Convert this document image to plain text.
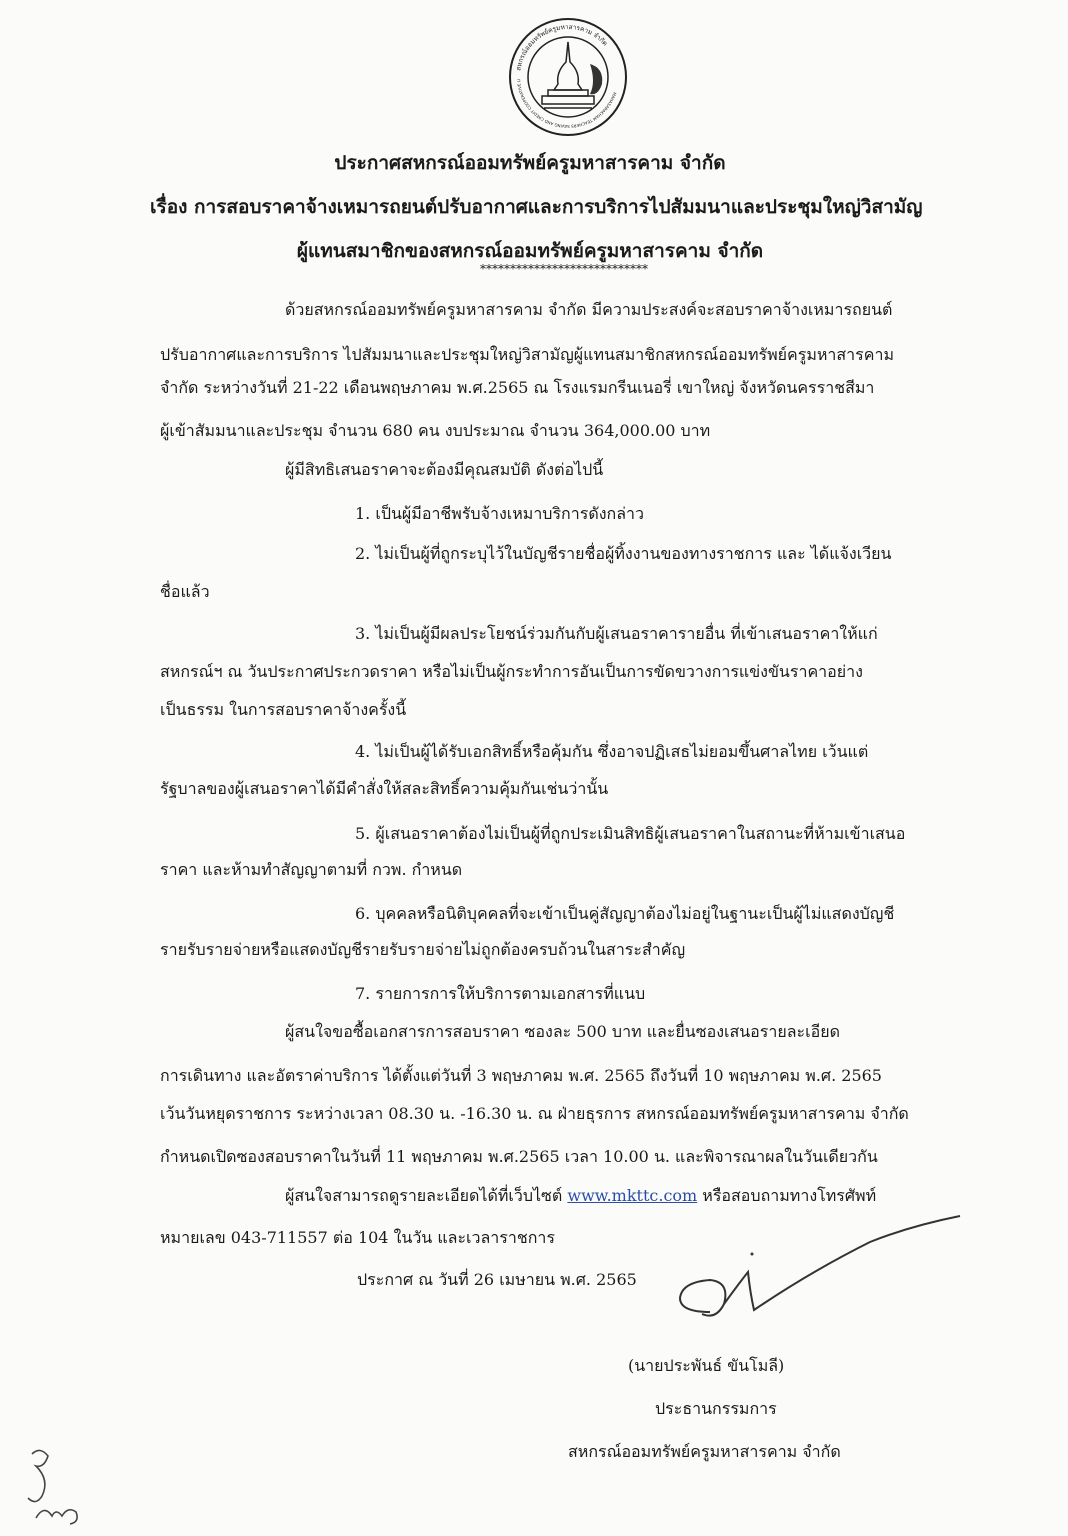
สหกรณ์ออมทรัพย์ครูมหาสารคาม จำกัด
MAHASARAKHAM TEACHERS SAVING AND CREDIT COOPERATIVE LI
ประกาศสหกรณ์ออมทรัพย์ครูมหาสารคาม จำกัด
เรื่อง การสอบราคาจ้างเหมารถยนต์ปรับอากาศและการบริการไปสัมมนาและประชุมใหญ่วิสามัญ
ผู้แทนสมาชิกของสหกรณ์ออมทรัพย์ครูมหาสารคาม จำกัด
****************************
ด้วยสหกรณ์ออมทรัพย์ครูมหาสารคาม จำกัด มีความประสงค์จะสอบราคาจ้างเหมารถยนต์
ปรับอากาศและการบริการ ไปสัมมนาและประชุมใหญ่วิสามัญผู้แทนสมาชิกสหกรณ์ออมทรัพย์ครูมหาสารคาม
จำกัด ระหว่างวันที่ 21-22 เดือนพฤษภาคม พ.ศ.2565 ณ โรงแรมกรีนเนอรี่ เขาใหญ่ จังหวัดนครราชสีมา
ผู้เข้าสัมมนาและประชุม จำนวน 680 คน งบประมาณ จำนวน 364,000.00 บาท
ผู้มีสิทธิเสนอราคาจะต้องมีคุณสมบัติ ดังต่อไปนี้
1. เป็นผู้มีอาชีพรับจ้างเหมาบริการดังกล่าว
2. ไม่เป็นผู้ที่ถูกระบุไว้ในบัญชีรายชื่อผู้ทิ้งงานของทางราชการ และ ได้แจ้งเวียน
ชื่อแล้ว
3. ไม่เป็นผู้มีผลประโยชน์ร่วมกันกับผู้เสนอราคารายอื่น ที่เข้าเสนอราคาให้แก่
สหกรณ์ฯ ณ วันประกาศประกวดราคา หรือไม่เป็นผู้กระทำการอันเป็นการขัดขวางการแข่งขันราคาอย่าง
เป็นธรรม ในการสอบราคาจ้างครั้งนี้
4. ไม่เป็นผู้ได้รับเอกสิทธิ์หรือคุ้มกัน ซึ่งอาจปฏิเสธไม่ยอมขึ้นศาลไทย เว้นแต่
รัฐบาลของผู้เสนอราคาได้มีคำสั่งให้สละสิทธิ์ความคุ้มกันเช่นว่านั้น
5. ผู้เสนอราคาต้องไม่เป็นผู้ที่ถูกประเมินสิทธิผู้เสนอราคาในสถานะที่ห้ามเข้าเสนอ
ราคา และห้ามทำสัญญาตามที่ กวพ. กำหนด
6. บุคคลหรือนิติบุคคลที่จะเข้าเป็นคู่สัญญาต้องไม่อยู่ในฐานะเป็นผู้ไม่แสดงบัญชี
รายรับรายจ่ายหรือแสดงบัญชีรายรับรายจ่ายไม่ถูกต้องครบถ้วนในสาระสำคัญ
7. รายการการให้บริการตามเอกสารที่แนบ
ผู้สนใจขอซื้อเอกสารการสอบราคา ซองละ 500 บาท และยื่นซองเสนอรายละเอียด
การเดินทาง และอัตราค่าบริการ ได้ตั้งแต่วันที่ 3 พฤษภาคม พ.ศ. 2565 ถึงวันที่ 10 พฤษภาคม พ.ศ. 2565
เว้นวันหยุดราชการ ระหว่างเวลา 08.30 น. -16.30 น. ณ ฝ่ายธุรการ สหกรณ์ออมทรัพย์ครูมหาสารคาม จำกัด
กำหนดเปิดซองสอบราคาในวันที่ 11 พฤษภาคม พ.ศ.2565 เวลา 10.00 น. และพิจารณาผลในวันเดียวกัน
ผู้สนใจสามารถดูรายละเอียดได้ที่เว็บไซต์ www.mkttc.com หรือสอบถามทางโทรศัพท์
หมายเลข 043-711557 ต่อ 104 ในวัน และเวลาราชการ
ประกาศ ณ วันที่ 26 เมษายน พ.ศ. 2565
(นายประพันธ์ ขันโมลี)
ประธานกรรมการ
สหกรณ์ออมทรัพย์ครูมหาสารคาม จำกัด
